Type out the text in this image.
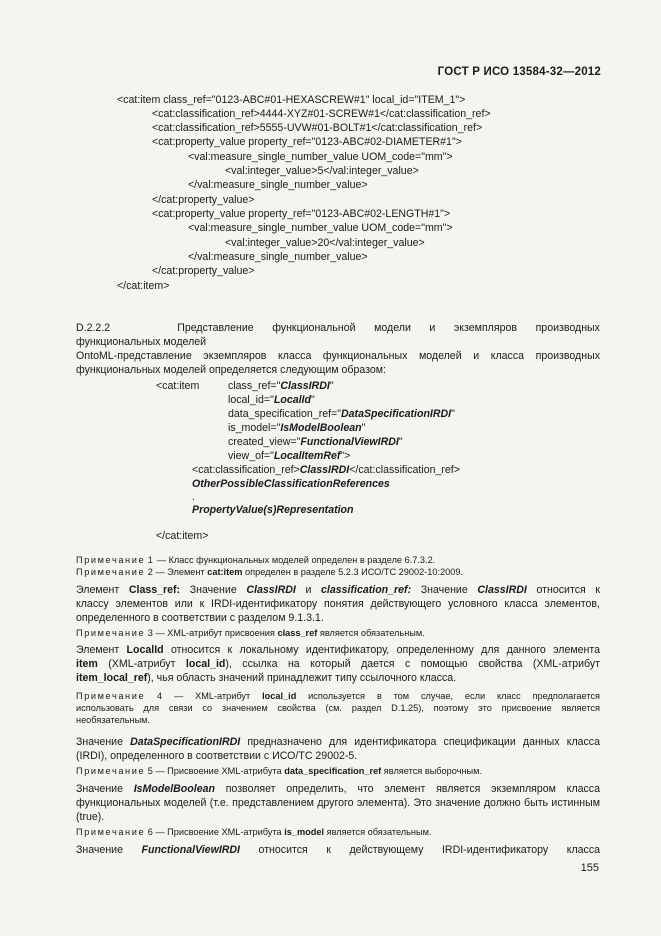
ГОСТ Р ИСО 13584-32—2012
<cat:item class_ref="0123-ABC#01-HEXASCREW#1" local_id="ITEM_1">
<cat:classification_ref>4444-XYZ#01-SCREW#1</cat:classification_ref>
<cat:classification_ref>5555-UVW#01-BOLT#1</cat:classification_ref>
<cat:property_value property_ref="0123-ABC#02-DIAMETER#1">
<val:measure_single_number_value UOM_code="mm">
<val:integer_value>5</val:integer_value>
</val:measure_single_number_value>
</cat:property_value>
<cat:property_value property_ref="0123-ABC#02-LENGTH#1">
<val:measure_single_number_value UOM_code="mm">
<val:integer_value>20</val:integer_value>
</val:measure_single_number_value>
</cat:property_value>
</cat:item>
D.2.2.2	Представление функциональной модели и экземпляров производных
функциональных моделей
OntoML-представление экземпляров класса функциональных моделей и класса производных
функциональных моделей определяется следующим образом:
<cat:item	class_ref="ClassIRDI"
local_id="LocalId"
data_specification_ref="DataSpecificationIRDI"
is_model="IsModelBoolean"
created_view="FunctionalViewIRDI"
view_of="LocalItemRef">
<cat:classification_ref>ClassIRDI</cat:classification_ref>
OtherPossibleClassificationReferences
.
PropertyValue(s)Representation
</cat:item>
Примечание 1 — Класс функциональных моделей определен в разделе 6.7.3.2.
Примечание 2 — Элемент cat:item определен в разделе 5.2.3 ИСО/ТС 29002-10:2009.
Элемент Class_ref: Значение ClassIRDI и classification_ref: Значение ClassIRDI относится к
классу элементов или к IRDI-идентификатору понятия действующего условного класса элементов,
определенного в соответствии с разделом 9.1.3.1.
Примечание 3 — XML-атрибут присвоения class_ref является обязательным.
Элемент LocalId относится к локальному идентификатору, определенному для данного элемента
item (XML-атрибут local_id), ссылка на который дается с помощью свойства (XML-атрибут
item_local_ref), чья область значений принадлежит типу ссылочного класса.
Примечание 4 — XML-атрибут local_id используется в том случае, если класс предполагается
использовать для связи со значением свойства (см. раздел D.1.25), поэтому это присвоение является
необязательным.
Значение DataSpecificationIRDI предназначено для идентификатора спецификации данных класса
(IRDI), определенного в соответствии с ИСО/ТС 29002-5.
Примечание 5 — Присвоение XML-атрибута data_specification_ref является выборочным.
Значение IsModelBoolean позволяет определить, что элемент является экземпляром класса
функциональных моделей (т.е. представлением другого элемента). Это значение должно быть истинным
(true).
Примечание 6 — Присвоение XML-атрибута is_model является обязательным.
Значение FunctionalViewIRDI относится к действующему IRDI-идентификатору класса
155
